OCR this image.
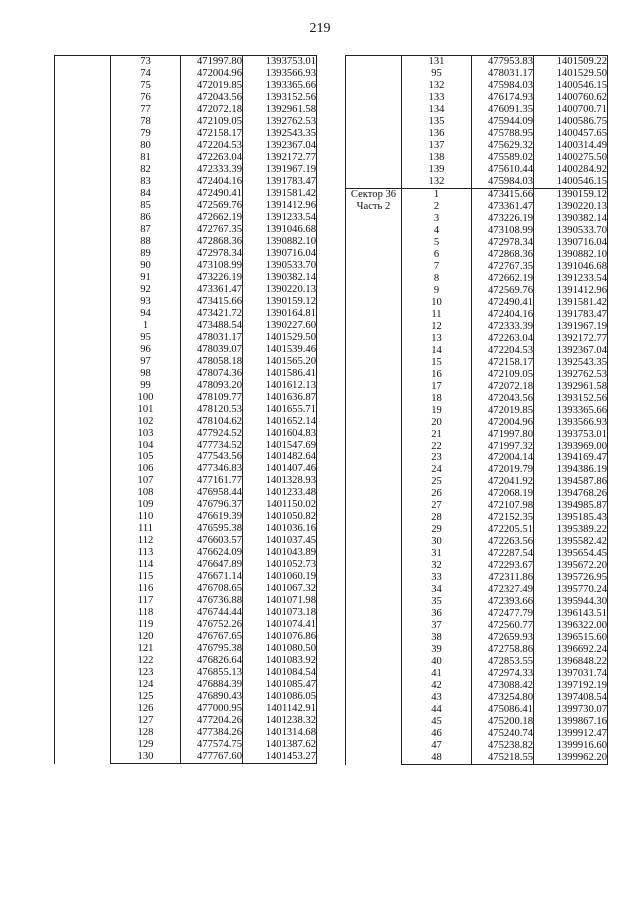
219
	73	471997.80	1393753.01
	74	472004.96	1393566.93
	75	472019.85	1393365.66
	76	472043.56	1393152.56
	77	472072.18	1392961.58
	78	472109.05	1392762.53
	79	472158.17	1392543.35
	80	472204.53	1392367.04
	81	472263.04	1392172.77
	82	472333.39	1391967.19
	83	472404.16	1391783.47
	84	472490.41	1391581.42
	85	472569.76	1391412.96
	86	472662.19	1391233.54
	87	472767.35	1391046.68
	88	472868.36	1390882.10
	89	472978.34	1390716.04
	90	473108.99	1390533.70
	91	473226.19	1390382.14
	92	473361.47	1390220.13
	93	473415.66	1390159.12
	94	473421.72	1390164.81
	1	473488.54	1390227.60
	95	478031.17	1401529.50
	96	478039.07	1401539.46
	97	478058.18	1401565.20
	98	478074.36	1401586.41
	99	478093.20	1401612.13
	100	478109.77	1401636.87
	101	478120.53	1401655.71
	102	478104.62	1401652.14
	103	477924.52	1401604.83
	104	477734.52	1401547.69
	105	477543.56	1401482.64
	106	477346.83	1401407.46
	107	477161.77	1401328.93
	108	476958.44	1401233.48
	109	476796.37	1401150.02
	110	476619.39	1401050.82
	111	476595.38	1401036.16
	112	476603.57	1401037.45
	113	476624.09	1401043.89
	114	476647.89	1401052.73
	115	476671.14	1401060.19
	116	476708.65	1401067.32
	117	476736.88	1401071.98
	118	476744.44	1401073.18
	119	476752.26	1401074.41
	120	476767.65	1401076.86
	121	476795.38	1401080.50
	122	476826.64	1401083.92
	123	476855.13	1401084.54
	124	476884.39	1401085.47
	125	476890.43	1401086.05
	126	477000.95	1401142.91
	127	477204.26	1401238.32
	128	477384.26	1401314.68
	129	477574.75	1401387.62
	130	477767.60	1401453.27
	131	477953.83	1401509.22
	95	478031.17	1401529.50
	132	475984.03	1400546.15
	133	476174.93	1400760.62
	134	476091.35	1400700.71
	135	475944.09	1400586.75
	136	475788.95	1400457.65
	137	475629.32	1400314.49
	138	475589.02	1400275.50
	139	475610.44	1400284.92
	132	475984.03	1400546.15

Сектор 36
Часть 2	1	473415.66	1390159.12
	2	473361.47	1390220.13
	3	473226.19	1390382.14
	4	473108.99	1390533.70
	5	472978.34	1390716.04
	6	472868.36	1390882.10
	7	472767.35	1391046.68
	8	472662.19	1391233.54
	9	472569.76	1391412.96
	10	472490.41	1391581.42
	11	472404.16	1391783.47
	12	472333.39	1391967.19
	13	472263.04	1392172.77
	14	472204.53	1392367.04
	15	472158.17	1392543.35
	16	472109.05	1392762.53
	17	472072.18	1392961.58
	18	472043.56	1393152.56
	19	472019.85	1393365.66
	20	472004.96	1393566.93
	21	471997.80	1393753.01
	22	471997.32	1393969.00
	23	472004.14	1394169.47
	24	472019.79	1394386.19
	25	472041.92	1394587.86
	26	472068.19	1394768.26
	27	472107.98	1394985.87
	28	472152.35	1395185.43
	29	472205.51	1395389.22
	30	472263.56	1395582.42
	31	472287.54	1395654.45
	32	472293.67	1395672.20
	33	472311.86	1395726.95
	34	472327.49	1395770.24
	35	472393.66	1395944.30
	36	472477.79	1396143.51
	37	472560.77	1396322.00
	38	472659.93	1396515.60
	39	472758.86	1396692.24
	40	472853.55	1396848.22
	41	472974.33	1397031.74
	42	473088.42	1397192.19
	43	473254.80	1397408.54
	44	475086.41	1399730.07
	45	475200.18	1399867.16
	46	475240.74	1399912.47
	47	475238.82	1399916.60
	48	475218.55	1399962.20
